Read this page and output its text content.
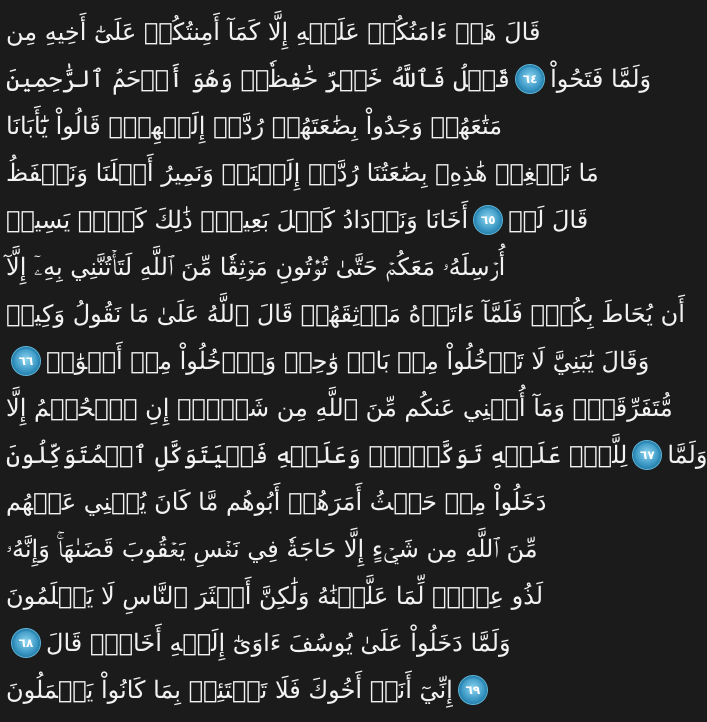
قَالَ هَلۡ ءَامَنُكُمۡ عَلَيۡهِ إِلَّا كَمَآ أَمِنتُكُمۡ عَلَىٰٓ أَخِيهِ مِن
قَبۡلُ فَٱللَّهُ خَيۡرٌ حَٰفِظٗاۖ وَهُوَ أَرۡحَمُ ٱلرَّٰحِمِينَ	٦٤ وَلَمَّا فَتَحُواْ
مَتَٰعَهُمۡ وَجَدُواْ بِضَٰعَتَهُمۡ رُدَّتۡ إِلَيۡهِمۡۖ قَالُواْ يَٰٓأَبَانَا
مَا نَبۡغِيۖ هَٰذِهِۦ بِضَٰعَتُنَا رُدَّتۡ إِلَيۡنَاۖ وَنَمِيرُ أَهۡلَنَا وَنَحۡفَظُ
أَخَانَا وَنَزۡدَادُ كَيۡلَ بَعِيرٖۖ ذَٰلِكَ كَيۡلٞ يَسِيرٞ	٦٥ قَالَ لَنۡ
أُرۡسِلَهُۥ مَعَكُمۡ حَتَّىٰ تُؤۡتُونِ مَوۡثِقٗا مِّنَ ٱللَّهِ لَتَأۡتُنَّنِي بِهِۦٓ إِلَّآ
أَن يُحَاطَ بِكُمۡۖ فَلَمَّآ ءَاتَوۡهُ مَوۡثِقَهُمۡ قَالَ ٱللَّهُ عَلَىٰ مَا نَقُولُ وَكِيلٞ
٦٦ وَقَالَ يَٰبَنِيَّ لَا تَدۡخُلُواْ مِنۢ بَابٖ وَٰحِدٖ وَٱدۡخُلُواْ مِنۡ أَبۡوَٰبٖ
مُّتَفَرِّقَةٖۖ وَمَآ أُغۡنِي عَنكُم مِّنَ ٱللَّهِ مِن شَيۡءٍۖ إِنِ ٱلۡحُكۡمُ إِلَّا
لِلَّهِۖ عَلَيۡهِ تَوَكَّلۡتُۖ وَعَلَيۡهِ فَلۡيَتَوَكَّلِ ٱلۡمُتَوَكِّلُونَ	٦٧ وَلَمَّا
دَخَلُواْ مِنۡ حَيۡثُ أَمَرَهُمۡ أَبُوهُم مَّا كَانَ يُغۡنِي عَنۡهُم
مِّنَ ٱللَّهِ مِن شَيۡءٍ إِلَّا حَاجَةٗ فِي نَفۡسِ يَعۡقُوبَ قَضَىٰهَاۚ وَإِنَّهُۥ
لَذُو عِلۡمٖ لِّمَا عَلَّمۡنَٰهُ وَلَٰكِنَّ أَكۡثَرَ ٱلنَّاسِ لَا يَعۡلَمُونَ
٦٨ وَلَمَّا دَخَلُواْ عَلَىٰ يُوسُفَ ءَاوَىٰٓ إِلَيۡهِ أَخَاهُۖ قَالَ
إِنِّيٓ أَنَا۠ أَخُوكَ فَلَا تَبۡتَئِسۡ بِمَا كَانُواْ يَعۡمَلُونَ	٦٩
